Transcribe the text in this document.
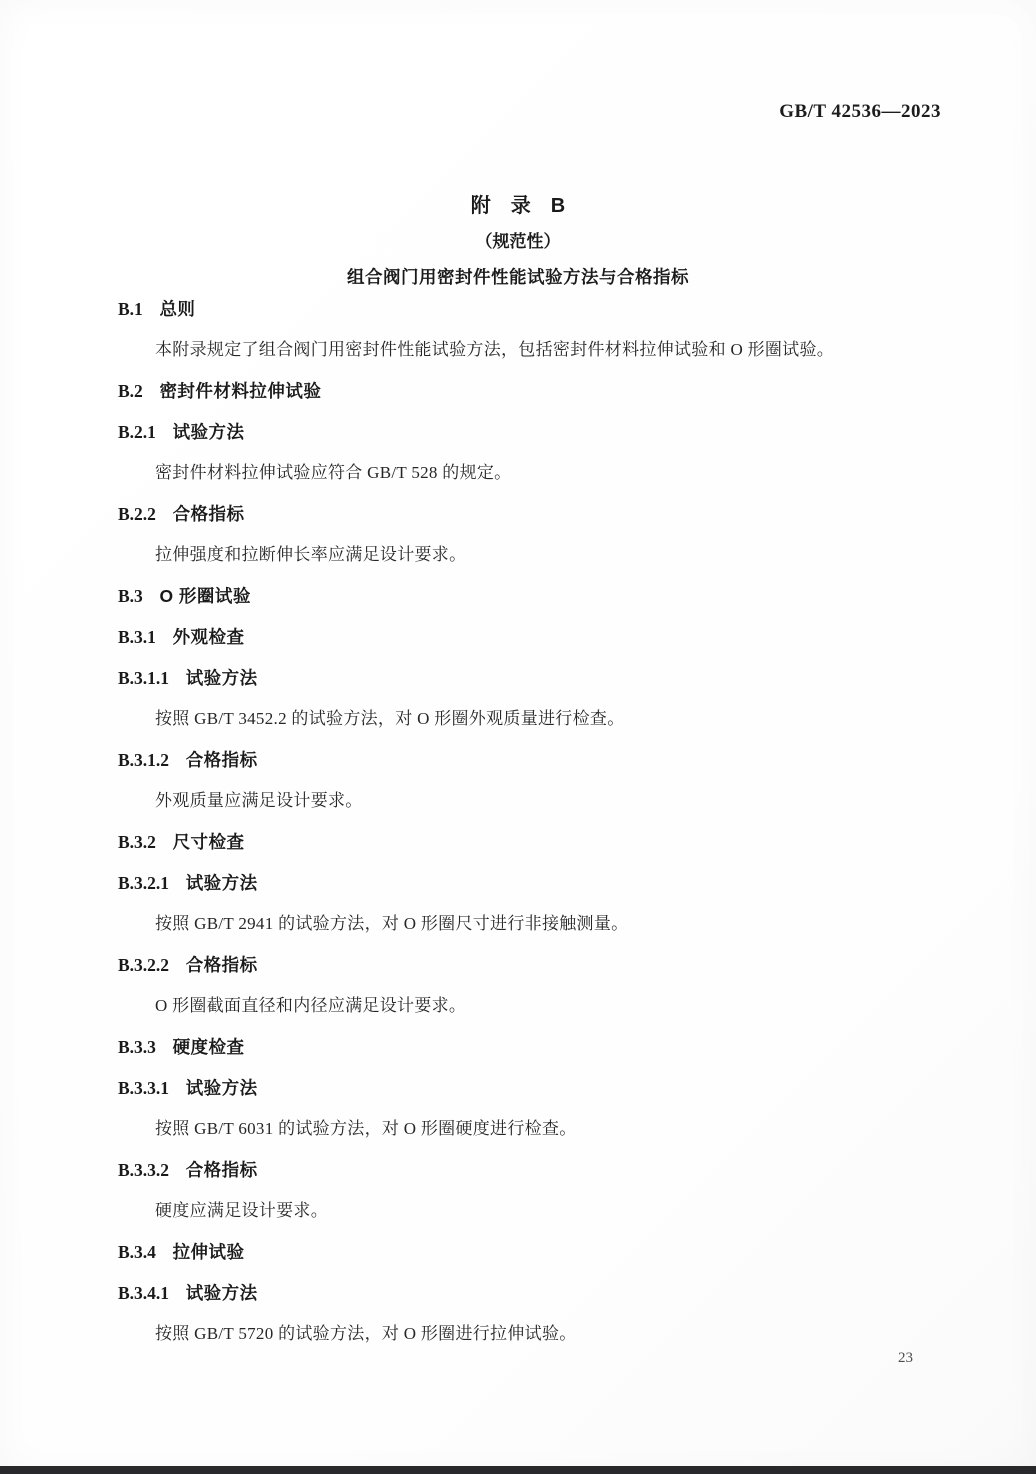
GB/T 42536—2023
附　录　B
（规范性）
组合阀门用密封件性能试验方法与合格指标
B.1 总则
本附录规定了组合阀门用密封件性能试验方法，包括密封件材料拉伸试验和 O 形圈试验。
B.2 密封件材料拉伸试验
B.2.1 试验方法
密封件材料拉伸试验应符合 GB/T 528 的规定。
B.2.2 合格指标
拉伸强度和拉断伸长率应满足设计要求。
B.3 O 形圈试验
B.3.1 外观检查
B.3.1.1 试验方法
按照 GB/T 3452.2 的试验方法，对 O 形圈外观质量进行检查。
B.3.1.2 合格指标
外观质量应满足设计要求。
B.3.2 尺寸检查
B.3.2.1 试验方法
按照 GB/T 2941 的试验方法，对 O 形圈尺寸进行非接触测量。
B.3.2.2 合格指标
O 形圈截面直径和内径应满足设计要求。
B.3.3 硬度检查
B.3.3.1 试验方法
按照 GB/T 6031 的试验方法，对 O 形圈硬度进行检查。
B.3.3.2 合格指标
硬度应满足设计要求。
B.3.4 拉伸试验
B.3.4.1 试验方法
按照 GB/T 5720 的试验方法，对 O 形圈进行拉伸试验。
23
